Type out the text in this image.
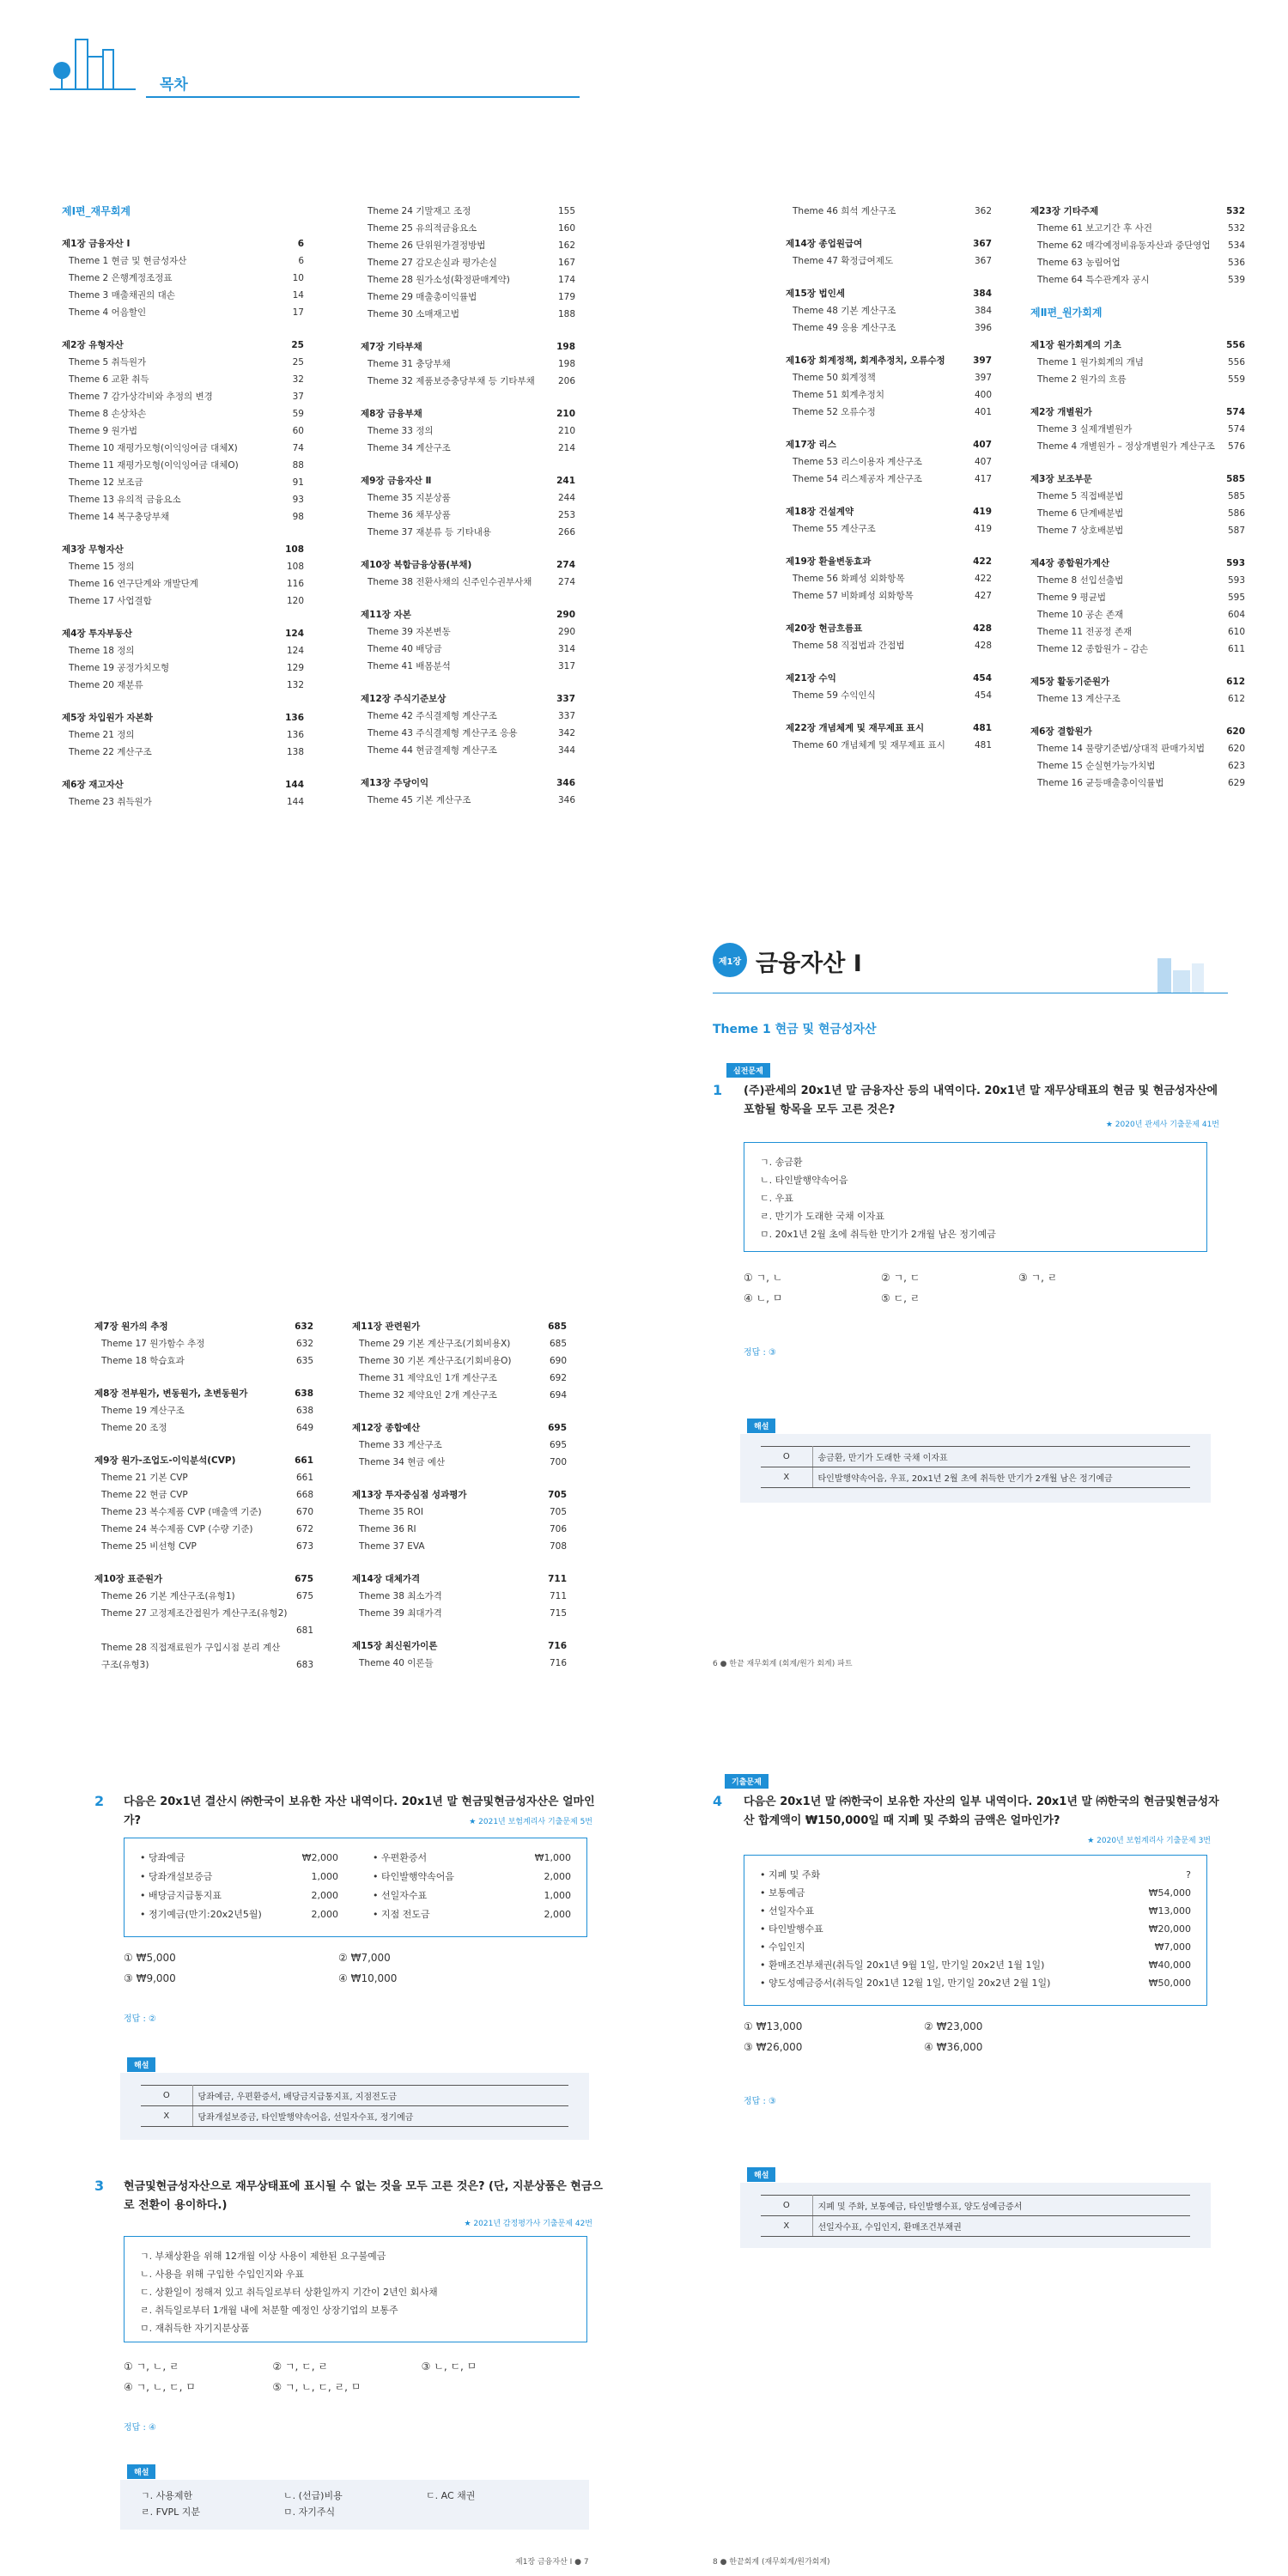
목차
제Ⅰ편_재무회계
제1장 금융자산 Ⅰ	6
Theme 1 현금 및 현금성자산	6
Theme 2 은행계정조정표	10
Theme 3 매출채권의 대손	14
Theme 4 어음할인	17
제2장 유형자산	25
Theme 5 취득원가	25
Theme 6 교환 취득	32
Theme 7 감가상각비와 추정의 변경	37
Theme 8 손상차손	59
Theme 9 원가법	60
Theme 10 재평가모형(이익잉여금 대체X)	74
Theme 11 재평가모형(이익잉여금 대체O)	88
Theme 12 보조금	91
Theme 13 유의적 금융요소	93
Theme 14 복구충당부채	98
제3장 무형자산	108
Theme 15 정의	108
Theme 16 연구단계와 개발단계	116
Theme 17 사업결합	120
제4장 투자부동산	124
Theme 18 정의	124
Theme 19 공정가치모형	129
Theme 20 재분류	132
제5장 차입원가 자본화	136
Theme 21 정의	136
Theme 22 계산구조	138
제6장 재고자산	144
Theme 23 취득원가	144
Theme 24 기말재고 조정	155
Theme 25 유의적금융요소	160
Theme 26 단위원가결정방법	162
Theme 27 감모손실과 평가손실	167
Theme 28 원가소성(확정판매계약)	174
Theme 29 매출총이익률법	179
Theme 30 소매재고법	188
제7장 기타부채	198
Theme 31 충당부채	198
Theme 32 제품보증충당부채 등 기타부채	206
제8장 금융부채	210
Theme 33 정의	210
Theme 34 계산구조	214
제9장 금융자산 Ⅱ	241
Theme 35 지분상품	244
Theme 36 채무상품	253
Theme 37 재분류 등 기타내용	266
제10장 복합금융상품(부채)	274
Theme 38 전환사채의 신주인수권부사채	274
제11장 자본	290
Theme 39 자본변동	290
Theme 40 배당금	314
Theme 41 배몸분석	317
제12장 주식기준보상	337
Theme 42 주식결제형 계산구조	337
Theme 43 주식결제형 계산구조 응용	342
Theme 44 현금결제형 계산구조	344
제13장 주당이익	346
Theme 45 기본 계산구조	346
Theme 46 희석 계산구조	362
제14장 종업원급여	367
Theme 47 확정급여제도	367
제15장 법인세	384
Theme 48 기본 계산구조	384
Theme 49 응용 계산구조	396
제16장 회계정책, 회계추정치, 오류수정	397
Theme 50 회계정책	397
Theme 51 회계추정치	400
Theme 52 오류수정	401
제17장 리스	407
Theme 53 리스이용자 계산구조	407
Theme 54 리스제공자 계산구조	417
제18장 건설계약	419
Theme 55 계산구조	419
제19장 환율변동효과	422
Theme 56 화폐성 외화항목	422
Theme 57 비화폐성 외화항목	427
제20장 현금흐름표	428
Theme 58 직접법과 간접법	428
제21장 수익	454
Theme 59 수익인식	454
제22장 개념체계 및 재무제표 표시	481
Theme 60 개념체계 및 재무제표 표시	481
제23장 기타주제	532
Theme 61 보고기간 후 사건	532
Theme 62 매각예정비유동자산과 중단영업 534
Theme 63 농림어업	536
Theme 64 특수관계자 공시	539
제Ⅱ편_원가회계
제1장 원가회계의 기초	556
Theme 1 원가회계의 개념	556
Theme 2 원가의 흐름	559
제2장 개별원가	574
Theme 3 실제개별원가	574
Theme 4 개별원가 – 정상개별원가 계산구조 576
제3장 보조부문	585
Theme 5 직접배분법	585
Theme 6 단계배분법	586
Theme 7 상호배분법	587
제4장 종합원가계산	593
Theme 8 선입선출법	593
Theme 9 평균법	595
Theme 10 공손 존재	604
Theme 11 전공정 존재	610
Theme 12 종합원가 – 감손	611
제5장 활동기준원가	612
Theme 13 계산구조	612
제6장 결합원가	620
Theme 14 물량기준법/상대적 판매가치법	620
Theme 15 순실현가능가치법	623
Theme 16 균등매출총이익률법	629
제7장 원가의 추정	632
Theme 17 원가함수 추정	632
Theme 18 학습효과	635
제8장 전부원가, 변동원가, 초변동원가	638
Theme 19 계산구조	638
Theme 20 조정	649
제9장 원가-조업도-이익분석(CVP)	661
Theme 21 기본 CVP	661
Theme 22 현금 CVP	668
Theme 23 복수제품 CVP (매출액 기준)	670
Theme 24 복수제품 CVP (수량 기준)	672
Theme 25 비선형 CVP	673
제10장 표준원가	675
Theme 26 기본 계산구조(유형1)	675
Theme 27 고정제조간접원가 계산구조(유형2)
681
Theme 28 직접재료원가 구입시점 분리 계산
구조(유형3)	683
제11장 관련원가	685
Theme 29 기본 계산구조(기회비용X)	685
Theme 30 기본 계산구조(기회비용O)	690
Theme 31 제약요인 1개 계산구조	692
Theme 32 제약요인 2개 계산구조	694
제12장 종합예산	695
Theme 33 계산구조	695
Theme 34 현금 예산	700
제13장 투자중심점 성과평가	705
Theme 35 ROI	705
Theme 36 RI	706
Theme 37 EVA	708
제14장 대체가격	711
Theme 38 최소가격	711
Theme 39 최대가격	715
제15장 최신원가이론	716
Theme 40 이론들	716
제1장 금융자산 Ⅰ
Theme 1 현금 및 현금성자산
실전문제
1 (주)관세의 20x1년 말 금융자산 등의 내역이다. 20x1년 말 재무상태표의 현금 및 현금성자산에 포함될 항목을 모두 고른 것은?
★ 2020년 관세사 기출문제 41번
ㄱ. 송금환
ㄴ. 타인발행약속어음
ㄷ. 우표
ㄹ. 만기가 도래한 국채 이자표
ㅁ. 20x1년 2월 초에 취득한 만기가 2개월 남은 정기예금
① ㄱ, ㄴ	② ㄱ, ㄷ	③ ㄱ, ㄹ
④ ㄴ, ㅁ	⑤ ㄷ, ㄹ
정답 : ③
해설
O	송금환, 만기가 도래한 국채 이자표
X	타인발행약속어음, 우표, 20x1년 2월 초에 취득한 만기가 2개월 남은 정기예금
6 ● 한끝 재무회계 (회계/원가 회계) 파트
2 다음은 20x1년 결산시 ㈜한국이 보유한 자산 내역이다. 20x1년 말 현금및현금성자산은 얼마인가?	★ 2021년 보험계리사 기출문제 5번
• 당좌예금	₩2,000
• 당좌개설보증금	1,000
• 배당금지급통지표	2,000
• 정기예금(만기:20x2년5월)	2,000
• 우편환증서	₩1,000
• 타인발행약속어음	2,000
• 선일자수표	1,000
• 지점 전도금	2,000
① ₩5,000	② ₩7,000
③ ₩9,000	④ ₩10,000
정답 : ②
해설
O	당좌예금, 우편환증서, 배당금지급통지표, 지점전도금
X	당좌개설보증금, 타인발행약속어음, 선일자수표, 정기예금
3 현금및현금성자산으로 재무상태표에 표시될 수 없는 것을 모두 고른 것은? (단, 지분상품은 현금으로 전환이 용이하다.)
★ 2021년 감정평가사 기출문제 42번
ㄱ. 부채상환을 위해 12개월 이상 사용이 제한된 요구불예금
ㄴ. 사용을 위해 구입한 수입인지와 우표
ㄷ. 상환일이 정해져 있고 취득일로부터 상환일까지 기간이 2년인 회사채
ㄹ. 취득일로부터 1개월 내에 처분할 예정인 상장기업의 보통주
ㅁ. 재취득한 자기지분상품
① ㄱ, ㄴ, ㄹ	② ㄱ, ㄷ, ㄹ	③ ㄴ, ㄷ, ㅁ
④ ㄱ, ㄴ, ㄷ, ㅁ	⑤ ㄱ, ㄴ, ㄷ, ㄹ, ㅁ
정답 : ④
해설
ㄱ. 사용제한	ㄴ. (선급)비용	ㄷ. AC 채권
ㄹ. FVPL 지분	ㅁ. 자기주식
제1장 금융자산 Ⅰ ● 7
기출문제
4 다음은 20x1년 말 ㈜한국이 보유한 자산의 일부 내역이다. 20x1년 말 ㈜한국의 현금및현금성자산 합계액이 ₩150,000일 때 지폐 및 주화의 금액은 얼마인가?
★ 2020년 보험계리사 기출문제 3번
• 지폐 및 주화	?
• 보통예금	₩54,000
• 선일자수표	₩13,000
• 타인발행수표	₩20,000
• 수입인지	₩7,000
• 환매조건부채권(취득일 20x1년 9월 1일, 만기일 20x2년 1월 1일)	₩40,000
• 양도성예금증서(취득일 20x1년 12월 1일, 만기일 20x2년 2월 1일)	₩50,000
① ₩13,000	② ₩23,000
③ ₩26,000	④ ₩36,000
정답 : ③
해설
O	지폐 및 주화, 보통예금, 타인발행수표, 양도성예금증서
X	선일자수표, 수입인지, 환매조건부채권
8 ● 한끝회계 (재무회계/원가회계)
